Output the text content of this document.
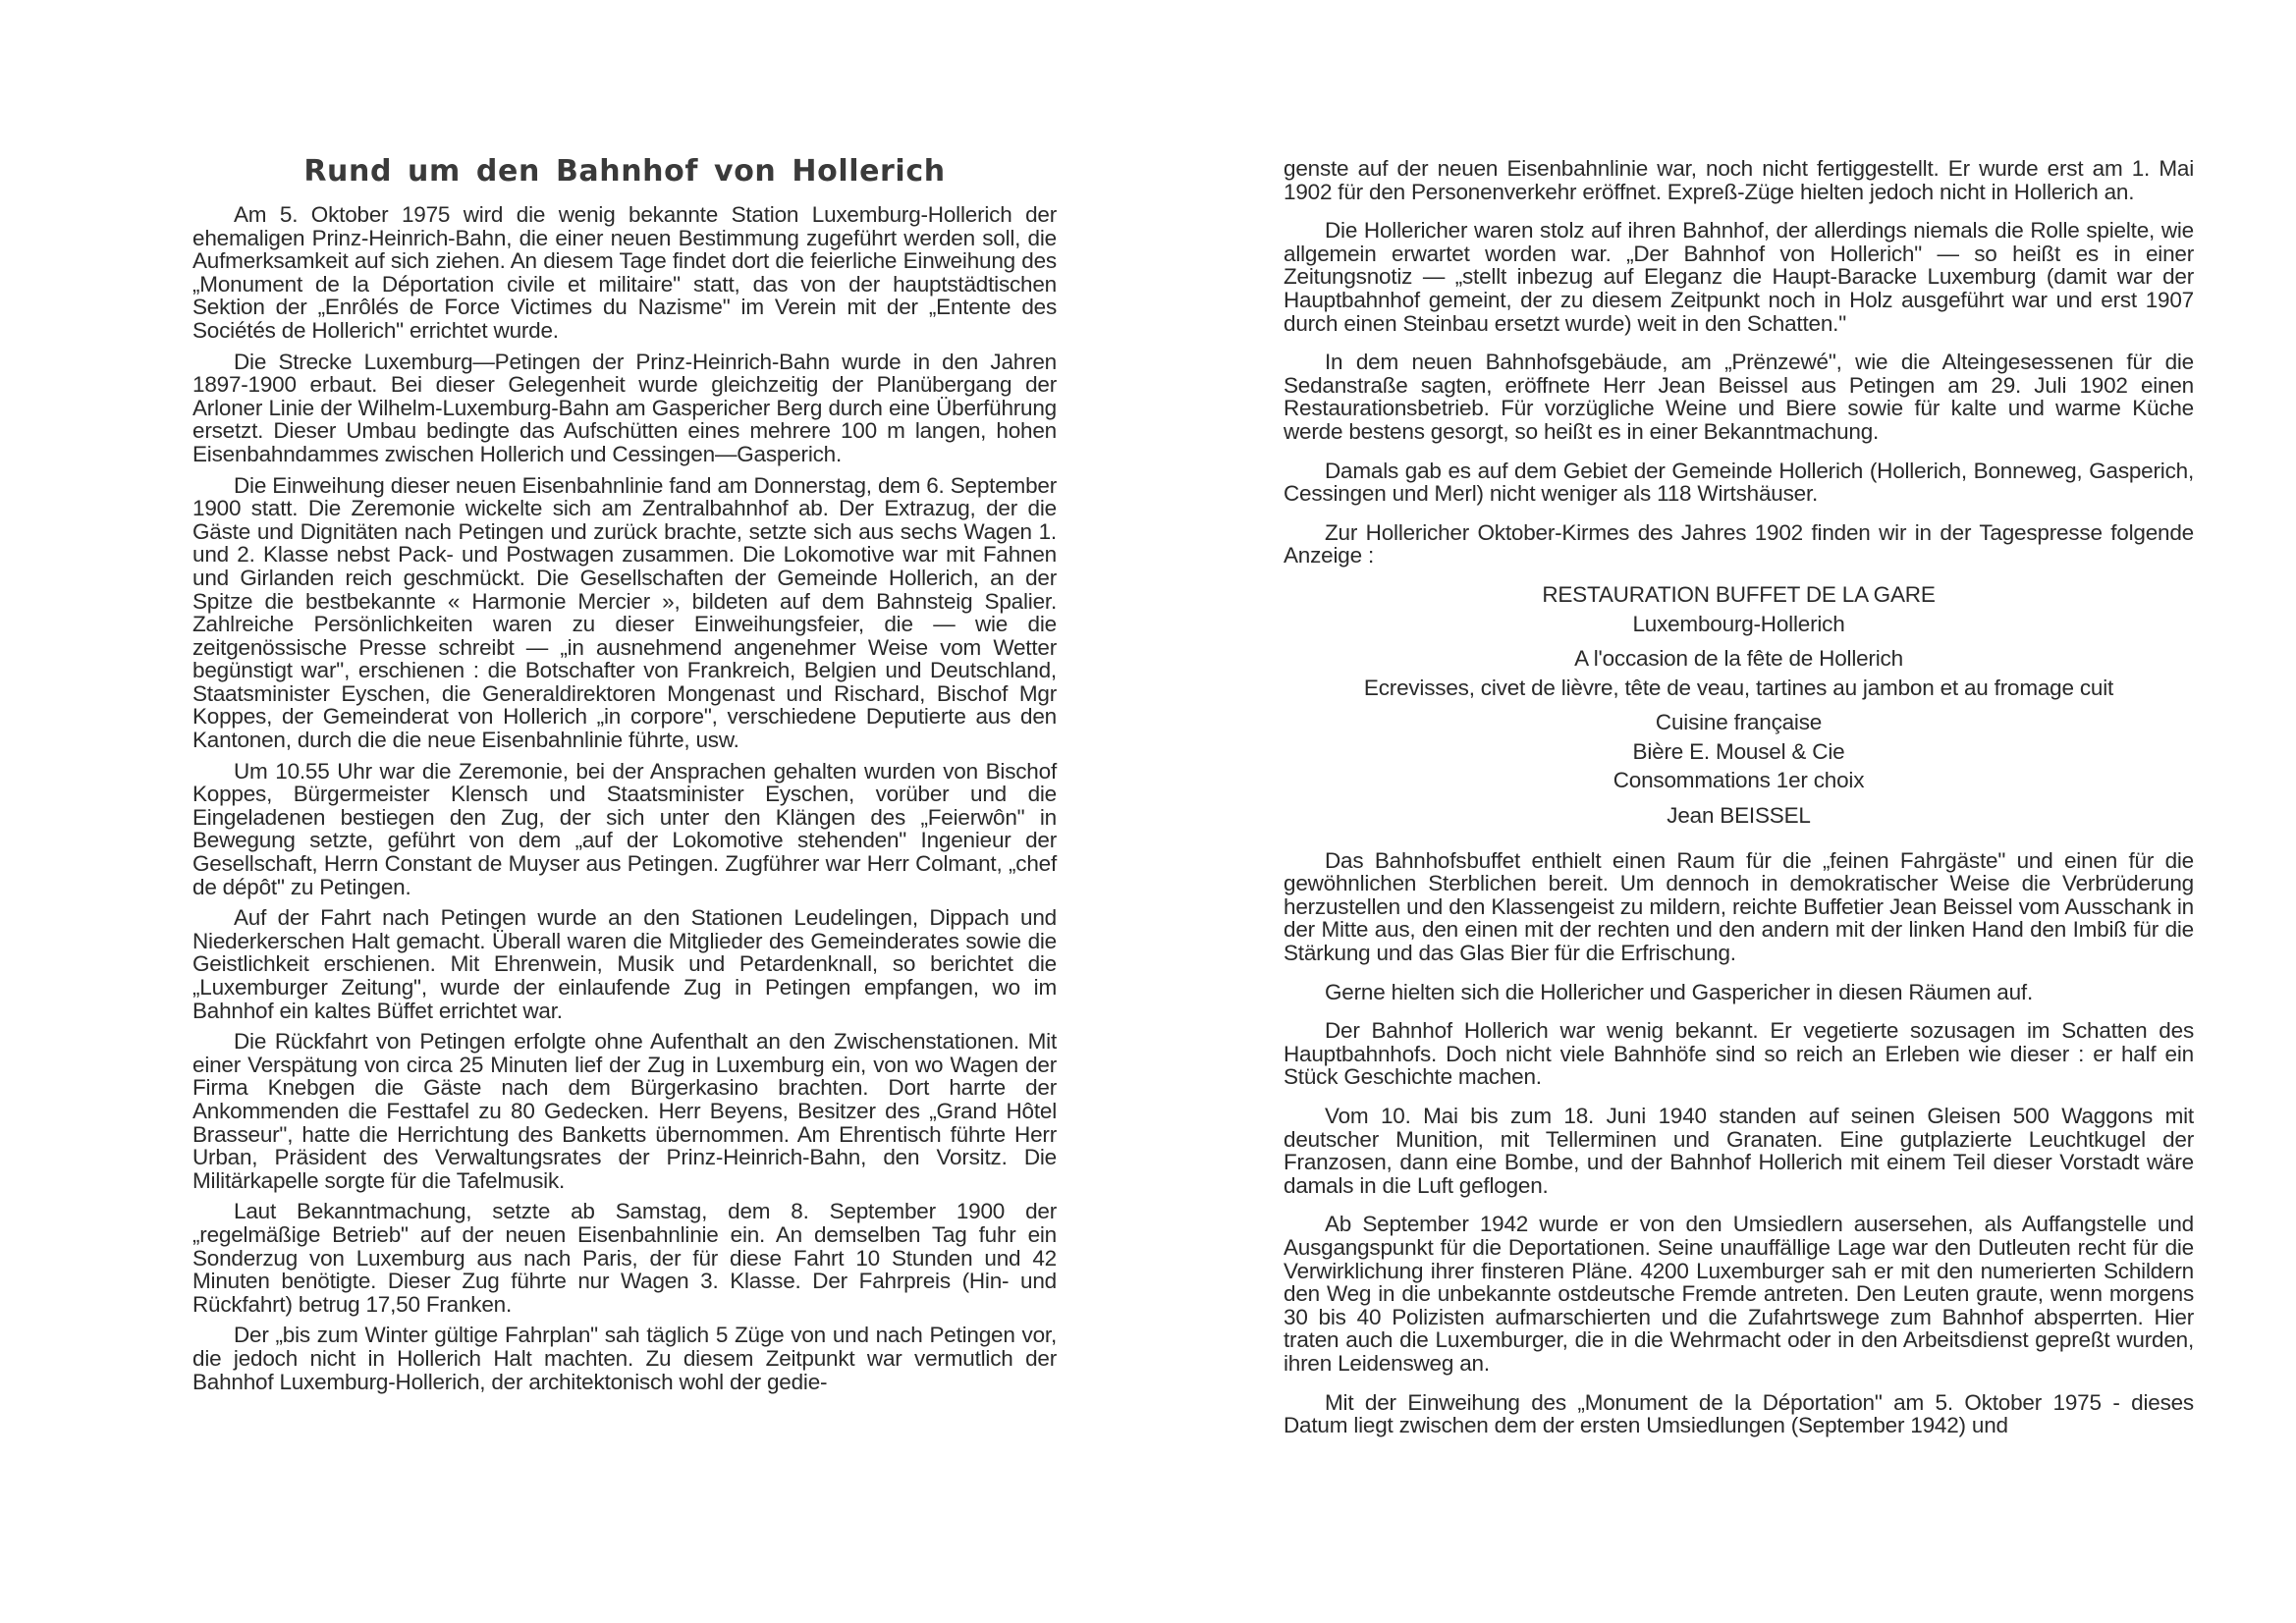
Rund um den Bahnhof von Hollerich

Am 5. Oktober 1975 wird die wenig bekannte Station Luxemburg-Hollerich der ehemaligen Prinz-Heinrich-Bahn, die einer neuen Bestimmung zugeführt werden soll, die Aufmerksamkeit auf sich ziehen. An diesem Tage findet dort die feierliche Einweihung des „Monument de la Déportation civile et militaire" statt, das von der hauptstädtischen Sektion der „Enrôlés de Force Victimes du Nazisme" im Verein mit der „Entente des Sociétés de Hollerich" errichtet wurde.

Die Strecke Luxemburg—Petingen der Prinz-Heinrich-Bahn wurde in den Jahren 1897-1900 erbaut. Bei dieser Gelegenheit wurde gleichzeitig der Planübergang der Arloner Linie der Wilhelm-Luxemburg-Bahn am Gaspericher Berg durch eine Überführung ersetzt. Dieser Umbau bedingte das Aufschütten eines mehrere 100 m langen, hohen Eisenbahndammes zwischen Hollerich und Cessingen—Gasperich.

Die Einweihung dieser neuen Eisenbahnlinie fand am Donnerstag, dem 6. September 1900 statt. Die Zeremonie wickelte sich am Zentralbahnhof ab. Der Extrazug, der die Gäste und Dignitäten nach Petingen und zurück brachte, setzte sich aus sechs Wagen 1. und 2. Klasse nebst Pack- und Postwagen zusammen. Die Lokomotive war mit Fahnen und Girlanden reich geschmückt. Die Gesellschaften der Gemeinde Hollerich, an der Spitze die bestbekannte « Harmonie Mercier », bildeten auf dem Bahnsteig Spalier. Zahlreiche Persönlichkeiten waren zu dieser Einweihungsfeier, die — wie die zeitgenössische Presse schreibt — „in ausnehmend angenehmer Weise vom Wetter begünstigt war", erschienen : die Botschafter von Frankreich, Belgien und Deutschland, Staatsminister Eyschen, die Generaldirektoren Mongenast und Rischard, Bischof Mgr Koppes, der Gemeinderat von Hollerich „in corpore", verschiedene Deputierte aus den Kantonen, durch die die neue Eisenbahnlinie führte, usw.

Um 10.55 Uhr war die Zeremonie, bei der Ansprachen gehalten wurden von Bischof Koppes, Bürgermeister Klensch und Staatsminister Eyschen, vorüber und die Eingeladenen bestiegen den Zug, der sich unter den Klängen des „Feierwôn" in Bewegung setzte, geführt von dem „auf der Lokomotive stehenden" Ingenieur der Gesellschaft, Herrn Constant de Muyser aus Petingen. Zugführer war Herr Colmant, „chef de dépôt" zu Petingen.

Auf der Fahrt nach Petingen wurde an den Stationen Leudelingen, Dippach und Niederkerschen Halt gemacht. Überall waren die Mitglieder des Gemeinderates sowie die Geistlichkeit erschienen. Mit Ehrenwein, Musik und Petardenknall, so berichtet die „Luxemburger Zeitung", wurde der einlaufende Zug in Petingen empfangen, wo im Bahnhof ein kaltes Büffet errichtet war.

Die Rückfahrt von Petingen erfolgte ohne Aufenthalt an den Zwischenstationen. Mit einer Verspätung von circa 25 Minuten lief der Zug in Luxemburg ein, von wo Wagen der Firma Knebgen die Gäste nach dem Bürgerkasino brachten. Dort harrte der Ankommenden die Festtafel zu 80 Gedecken. Herr Beyens, Besitzer des „Grand Hôtel Brasseur", hatte die Herrichtung des Banketts übernommen. Am Ehrentisch führte Herr Urban, Präsident des Verwaltungsrates der Prinz-Heinrich-Bahn, den Vorsitz. Die Militärkapelle sorgte für die Tafelmusik.

Laut Bekanntmachung, setzte ab Samstag, dem 8. September 1900 der „regelmäßige Betrieb" auf der neuen Eisenbahnlinie ein. An demselben Tag fuhr ein Sonderzug von Luxemburg aus nach Paris, der für diese Fahrt 10 Stunden und 42 Minuten benötigte. Dieser Zug führte nur Wagen 3. Klasse. Der Fahrpreis (Hin- und Rückfahrt) betrug 17,50 Franken.

Der „bis zum Winter gültige Fahrplan" sah täglich 5 Züge von und nach Petingen vor, die jedoch nicht in Hollerich Halt machten. Zu diesem Zeitpunkt war vermutlich der Bahnhof Luxemburg-Hollerich, der architektonisch wohl der gedie-

genste auf der neuen Eisenbahnlinie war, noch nicht fertiggestellt. Er wurde erst am 1. Mai 1902 für den Personenverkehr eröffnet. Expreß-Züge hielten jedoch nicht in Hollerich an.

Die Hollericher waren stolz auf ihren Bahnhof, der allerdings niemals die Rolle spielte, wie allgemein erwartet worden war. „Der Bahnhof von Hollerich" — so heißt es in einer Zeitungsnotiz — „stellt inbezug auf Eleganz die Haupt-Baracke Luxemburg (damit war der Hauptbahnhof gemeint, der zu diesem Zeitpunkt noch in Holz ausgeführt war und erst 1907 durch einen Steinbau ersetzt wurde) weit in den Schatten."

In dem neuen Bahnhofsgebäude, am „Prënzewé", wie die Alteingesessenen für die Sedanstraße sagten, eröffnete Herr Jean Beissel aus Petingen am 29. Juli 1902 einen Restaurationsbetrieb. Für vorzügliche Weine und Biere sowie für kalte und warme Küche werde bestens gesorgt, so heißt es in einer Bekanntmachung.

Damals gab es auf dem Gebiet der Gemeinde Hollerich (Hollerich, Bonneweg, Gasperich, Cessingen und Merl) nicht weniger als 118 Wirtshäuser.

Zur Hollericher Oktober-Kirmes des Jahres 1902 finden wir in der Tagespresse folgende Anzeige :

RESTAURATION BUFFET DE LA GARE
Luxembourg-Hollerich
A l'occasion de la fête de Hollerich
Ecrevisses, civet de lièvre, tête de veau, tartines au jambon et au fromage cuit
Cuisine française
Bière E. Mousel & Cie
Consommations 1er choix
Jean BEISSEL

Das Bahnhofsbuffet enthielt einen Raum für die „feinen Fahrgäste" und einen für die gewöhnlichen Sterblichen bereit. Um dennoch in demokratischer Weise die Verbrüderung herzustellen und den Klassengeist zu mildern, reichte Buffetier Jean Beissel vom Ausschank in der Mitte aus, den einen mit der rechten und den andern mit der linken Hand den Imbiß für die Stärkung und das Glas Bier für die Erfrischung.

Gerne hielten sich die Hollericher und Gaspericher in diesen Räumen auf.

Der Bahnhof Hollerich war wenig bekannt. Er vegetierte sozusagen im Schatten des Hauptbahnhofs. Doch nicht viele Bahnhöfe sind so reich an Erleben wie dieser : er half ein Stück Geschichte machen.

Vom 10. Mai bis zum 18. Juni 1940 standen auf seinen Gleisen 500 Waggons mit deutscher Munition, mit Tellerminen und Granaten. Eine gutplazierte Leuchtkugel der Franzosen, dann eine Bombe, und der Bahnhof Hollerich mit einem Teil dieser Vorstadt wäre damals in die Luft geflogen.

Ab September 1942 wurde er von den Umsiedlern ausersehen, als Auffangstelle und Ausgangspunkt für die Deportationen. Seine unauffällige Lage war den Dutleuten recht für die Verwirklichung ihrer finsteren Pläne. 4200 Luxemburger sah er mit den numerierten Schildern den Weg in die unbekannte ostdeutsche Fremde antreten. Den Leuten graute, wenn morgens 30 bis 40 Polizisten aufmarschierten und die Zufahrtswege zum Bahnhof absperrten. Hier traten auch die Luxemburger, die in die Wehrmacht oder in den Arbeitsdienst gepreßt wurden, ihren Leidensweg an.

Mit der Einweihung des „Monument de la Déportation" am 5. Oktober 1975 - dieses Datum liegt zwischen dem der ersten Umsiedlungen (September 1942) und
